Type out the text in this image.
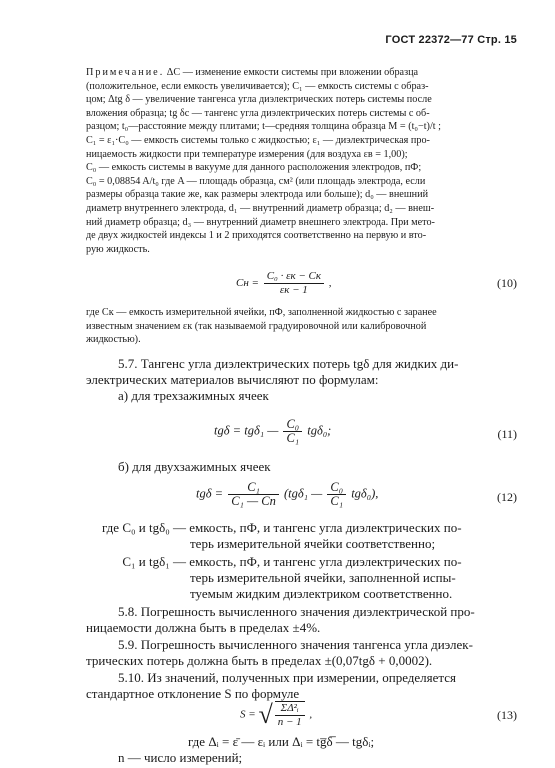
ГОСТ 22372—77 Стр. 15
Примечание. ΔC — изменение емкости системы при вложении образца
(положительное, если емкость увеличивается); C₁ — емкость системы с образ-
цом; Δtg δ — увеличение тангенса угла диэлектрических потерь системы после
вложения образца; tg δc — тангенс угла диэлектрических потерь системы с об-
разцом; t₀—расстояние между плитами; t—средняя толщина образца M = (t₀−t)/t ;
C₁ = ε₁·C₀ — емкость системы только с жидкостью; ε₁ — диэлектрическая про-
ницаемость жидкости при температуре измерения (для воздуха εв = 1,00);
C₀ — емкость системы в вакууме для данного расположения электродов, пФ;
C₀ = 0,08854 A/t₀ где A — площадь образца, см² (или площадь электрода, если
размеры образца такие же, как размеры электрода или больше); d₀ — внешний
диаметр внутреннего электрода, d₁ — внутренний диаметр образца; d₂ — внеш-
ний диаметр образца; d₃ — внутренний диаметр внешнего электрода. При мето-
де двух жидкостей индексы 1 и 2 приходятся соответственно на первую и вто-
рую жидкость.
Cн = $\frac{\text{C₀ · εк − Cк}}{\varepsilon к - 1}$ ,	(10)
где Cк — емкость измерительной ячейки, пФ, заполненной жидкостью с заранее
известным значением εк (так называемой градуировочной или калибровочной
жидкостью).
5.7. Тангенс угла диэлектрических потерь tgδ для жидких ди-
электрических материалов вычисляют по формулам:
а) для трехзажимных ячеек
tgδ = tgδ₁ — $\frac{\text{C₀}}{\text{C₁}} tg\delta_0$;	(11)
б) для двухзажимных ячеек
$tg\delta = \frac{\text{C₁}}{\text{C₁ — Cп}} (tg\delta_1$ — $\frac{\text{C₀}}{\text{C₁}} tg\delta_0$),	(12)
где C₀ и tgδ₀ — емкость, пФ, и тангенс угла диэлектрических по-
терь измерительной ячейки соответственно;
C₁ и tgδ₁ — емкость, пФ, и тангенс угла диэлектрических по-
терь измерительной ячейки, заполненной испы-
туемым жидким диэлектриком соответственно.
5.8. Погрешность вычисленного значения диэлектрической про-
ницаемости должна быть в пределах ±4%.
5.9. Погрешность вычисленного значения тангенса угла диэлек-
трических потерь должна быть в пределах ±(0,07tgδ + 0,0002).
5.10. Из значений, полученных при измерении, определяется
стандартное отклонение S по формуле
S = √ $\frac{\text{ΣΔ²ᵢ}}{n - 1}$ ,	(13)
где Δᵢ = ε̄ — εᵢ или Δᵢ = tg̅δ̅ — tgδᵢ;
n — число измерений;
